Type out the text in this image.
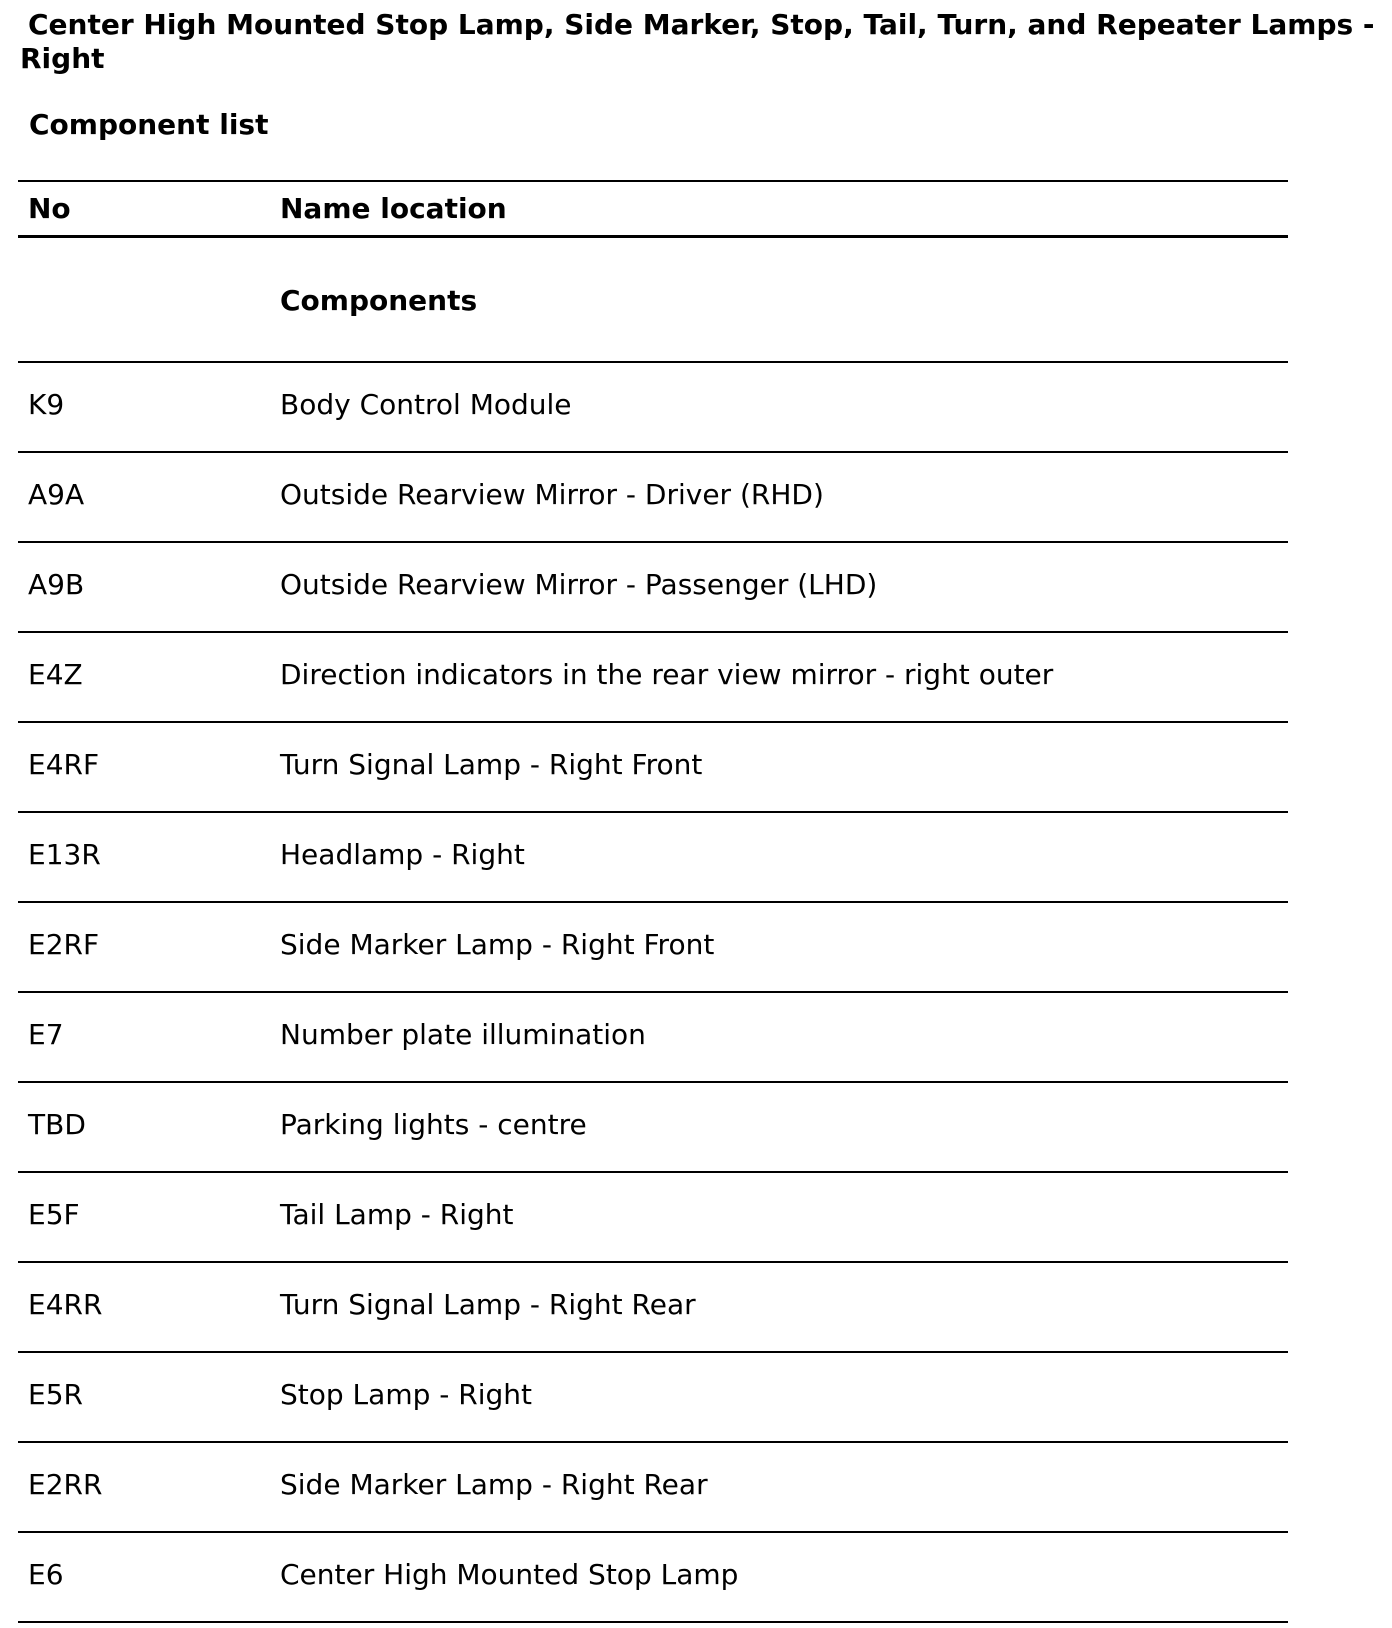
Center High Mounted Stop Lamp, Side Marker, Stop, Tail, Turn, and Repeater Lamps - Right
Component list
No	Name location
	Components
K9	Body Control Module
A9A	Outside Rearview Mirror - Driver (RHD)
A9B	Outside Rearview Mirror - Passenger (LHD)
E4Z	Direction indicators in the rear view mirror - right outer
E4RF	Turn Signal Lamp - Right Front
E13R	Headlamp - Right
E2RF	Side Marker Lamp - Right Front
E7	Number plate illumination
TBD	Parking lights - centre
E5F	Tail Lamp - Right
E4RR	Turn Signal Lamp - Right Rear
E5R	Stop Lamp - Right
E2RR	Side Marker Lamp - Right Rear
E6	Center High Mounted Stop Lamp
